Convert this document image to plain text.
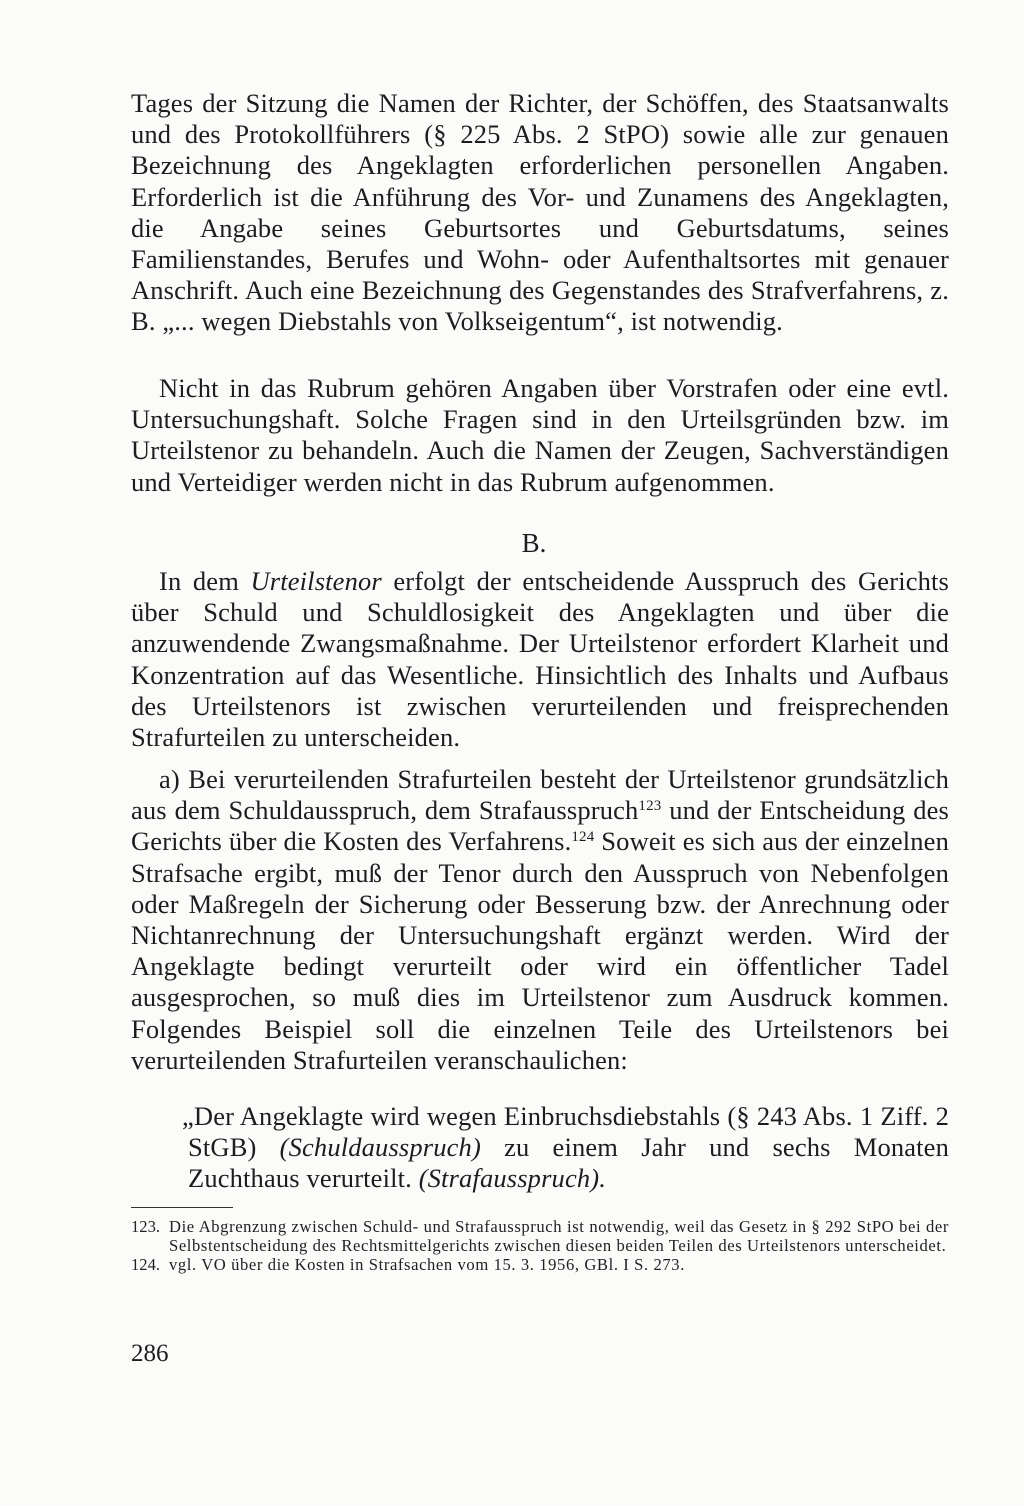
Tages der Sitzung die Namen der Richter, der Schöffen, des Staatsanwalts und des Protokollführers (§ 225 Abs. 2 StPO) sowie alle zur genauen Bezeichnung des Angeklagten erforderlichen personellen Angaben. Erforderlich ist die Anführung des Vor- und Zunamens des Angeklagten, die Angabe seines Geburtsortes und Geburtsdatums, seines Familienstandes, Berufes und Wohn- oder Aufenthaltsortes mit genauer Anschrift. Auch eine Bezeichnung des Gegenstandes des Strafverfahrens, z. B. „... wegen Diebstahls von Volkseigentum“, ist notwendig.

Nicht in das Rubrum gehören Angaben über Vorstrafen oder eine evtl. Untersuchungshaft. Solche Fragen sind in den Urteilsgründen bzw. im Urteilstenor zu behandeln. Auch die Namen der Zeugen, Sachverständigen und Verteidiger werden nicht in das Rubrum aufgenommen.

B.

In dem Urteilstenor erfolgt der entscheidende Ausspruch des Gerichts über Schuld und Schuldlosigkeit des Angeklagten und über die anzuwendende Zwangsmaßnahme. Der Urteilstenor erfordert Klarheit und Konzentration auf das Wesentliche. Hinsichtlich des Inhalts und Aufbaus des Urteilstenors ist zwischen verurteilenden und freisprechenden Strafurteilen zu unterscheiden.

a) Bei verurteilenden Strafurteilen besteht der Urteilstenor grundsätzlich aus dem Schuldausspruch, dem Strafausspruch$^{123}$ und der Entscheidung des Gerichts über die Kosten des Verfahrens.$^{124}$ Soweit es sich aus der einzelnen Strafsache ergibt, muß der Tenor durch den Ausspruch von Nebenfolgen oder Maßregeln der Sicherung oder Besserung bzw. der Anrechnung oder Nichtanrechnung der Untersuchungshaft ergänzt werden. Wird der Angeklagte bedingt verurteilt oder wird ein öffentlicher Tadel ausgesprochen, so muß dies im Urteilstenor zum Ausdruck kommen. Folgendes Beispiel soll die einzelnen Teile des Urteilstenors bei verurteilenden Strafurteilen veranschaulichen:

„Der Angeklagte wird wegen Einbruchsdiebstahls (§ 243 Abs. 1 Ziff. 2 StGB) (Schuldausspruch) zu einem Jahr und sechs Monaten Zuchthaus verurteilt. (Strafausspruch).

123. Die Abgrenzung zwischen Schuld- und Strafausspruch ist notwendig, weil das Gesetz in § 292 StPO bei der Selbstentscheidung des Rechtsmittelgerichts zwischen diesen beiden Teilen des Urteilstenors unterscheidet.
124. vgl. VO über die Kosten in Strafsachen vom 15. 3. 1956, GBl. I S. 273.
286
